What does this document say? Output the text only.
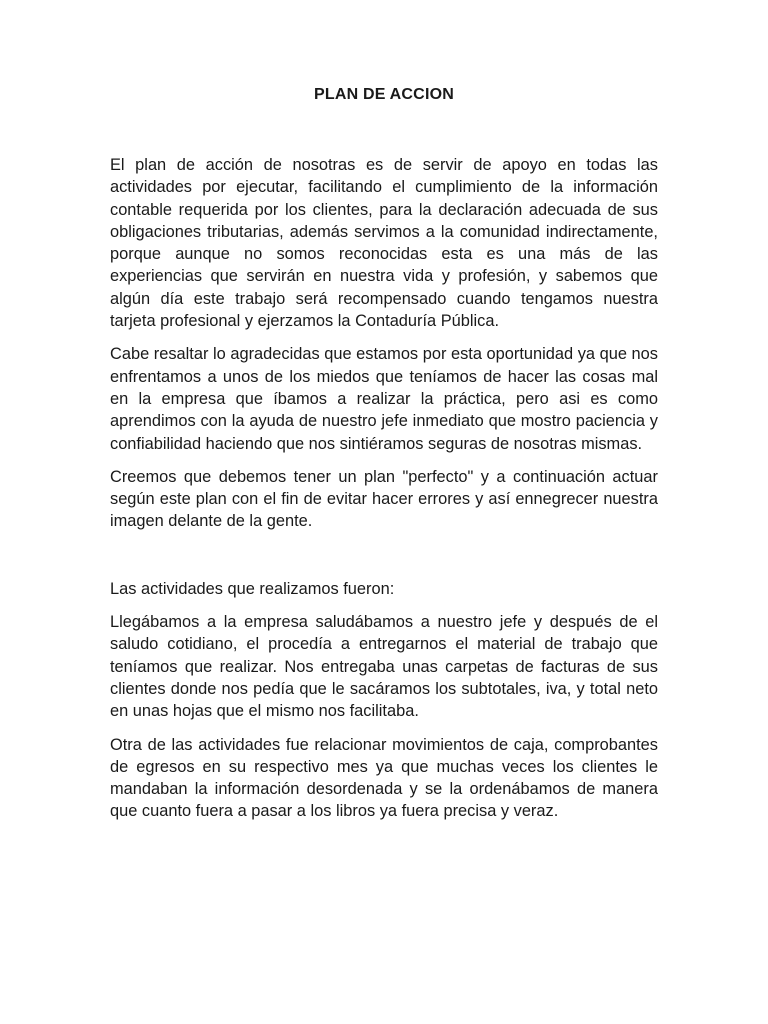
PLAN DE ACCION

El plan de acción de nosotras es de servir de apoyo en todas las actividades por ejecutar, facilitando el cumplimiento de la información contable requerida por los clientes, para la declaración adecuada de sus obligaciones tributarias, además servimos a la comunidad indirectamente, porque aunque no somos reconocidas esta es una más de las experiencias que servirán en nuestra vida y profesión, y sabemos que algún día este trabajo será recompensado cuando tengamos nuestra tarjeta profesional y ejerzamos la Contaduría Pública.

Cabe resaltar lo agradecidas que estamos por esta oportunidad ya que nos enfrentamos a unos de los miedos que teníamos de hacer las cosas mal en la empresa que íbamos a realizar la práctica, pero asi es como aprendimos con la ayuda de nuestro jefe inmediato que mostro paciencia y confiabilidad haciendo que nos sintiéramos seguras de nosotras mismas.

Creemos que debemos tener un plan "perfecto" y a continuación actuar según este plan con el fin de evitar hacer errores y así ennegrecer nuestra imagen delante de la gente.

Las actividades que realizamos fueron:

Llegábamos a la empresa saludábamos a nuestro jefe y después de el saludo cotidiano, el procedía a entregarnos el material de trabajo que teníamos que realizar. Nos entregaba unas carpetas de facturas de sus clientes donde nos pedía que le sacáramos los subtotales, iva, y total neto en unas hojas que el mismo nos facilitaba.

Otra de las actividades fue relacionar movimientos de caja, comprobantes de egresos en su respectivo mes ya que muchas veces los clientes le mandaban la información desordenada y se la ordenábamos de manera que cuanto fuera a pasar a los libros ya fuera precisa y veraz.
